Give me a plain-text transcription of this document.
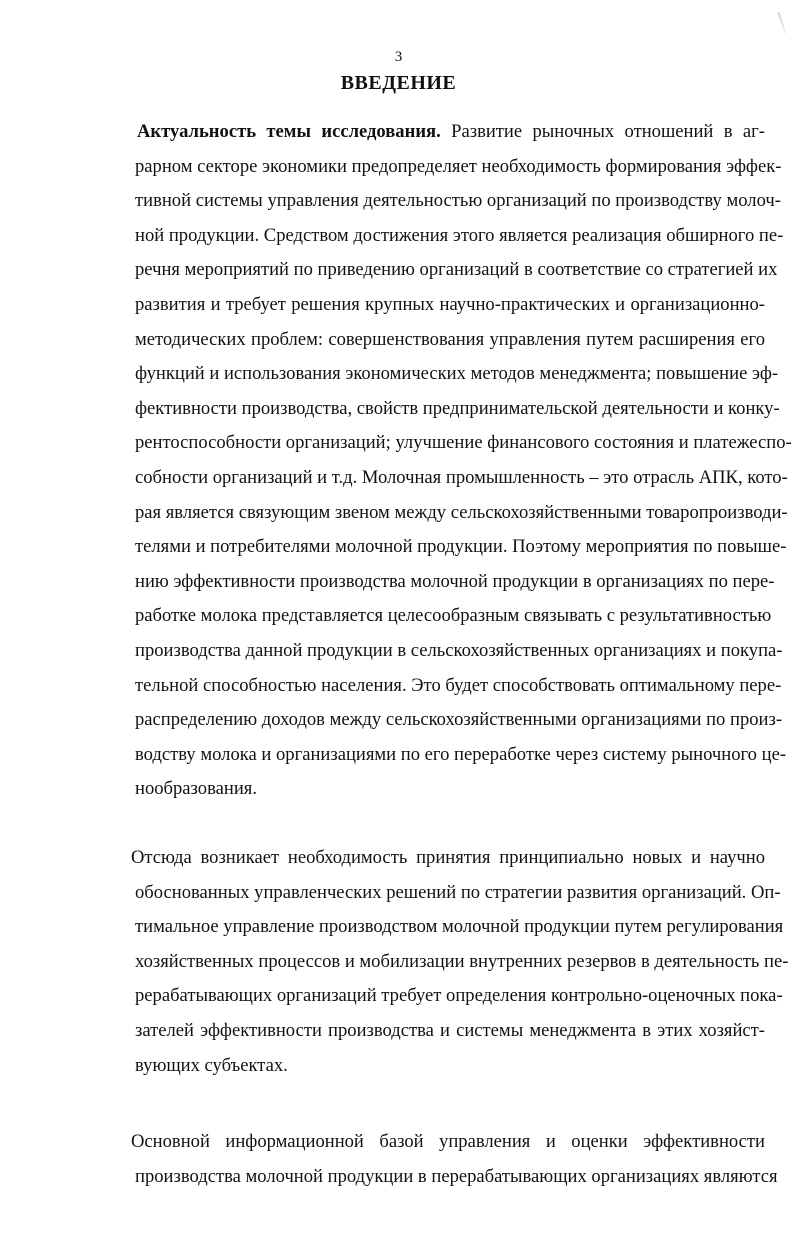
3
ВВЕДЕНИЕ
Актуальность темы исследования. Развитие рыночных отношений в аг-
рарном секторе экономики предопределяет необходимость формирования эффек-
тивной системы управления деятельностью организаций по производству молоч-
ной продукции. Средством достижения этого является реализация обширного пе-
речня мероприятий по приведению организаций в соответствие со стратегией их
развития и требует решения крупных научно-практических и организационно-
методических проблем: совершенствования управления путем расширения его
функций и использования экономических методов менеджмента; повышение эф-
фективности производства, свойств предпринимательской деятельности и конку-
рентоспособности организаций; улучшение финансового состояния и платежеспо-
собности организаций и т.д. Молочная промышленность – это отрасль АПК, кото-
рая является связующим звеном между сельскохозяйственными товаропроизводи-
телями и потребителями молочной продукции. Поэтому мероприятия по повыше-
нию эффективности производства молочной продукции в организациях по пере-
работке молока представляется целесообразным связывать с результативностью
производства данной продукции в сельскохозяйственных организациях и покупа-
тельной способностью населения. Это будет способствовать оптимальному пере-
распределению доходов между сельскохозяйственными организациями по произ-
водству молока и организациями по его переработке через систему рыночного це-
нообразования.
Отсюда возникает необходимость принятия принципиально новых и научно
обоснованных управленческих решений по стратегии развития организаций. Оп-
тимальное управление производством молочной продукции путем регулирования
хозяйственных процессов и мобилизации внутренних резервов в деятельность пе-
рерабатывающих организаций требует определения контрольно-оценочных пока-
зателей эффективности производства и системы менеджмента в этих хозяйст-
вующих субъектах.
Основной информационной базой управления и оценки эффективности
производства молочной продукции в перерабатывающих организациях являются
